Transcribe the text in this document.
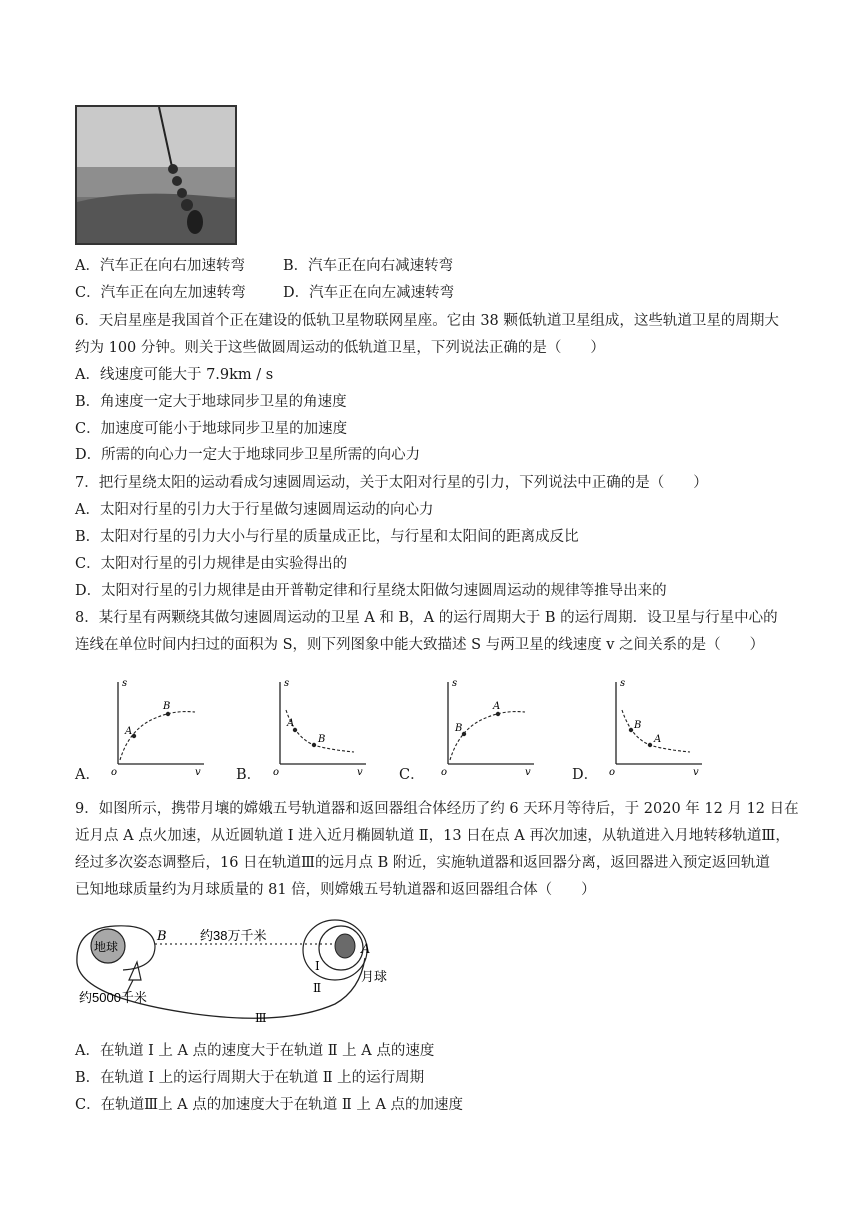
A．汽车正在向右加速转弯	B．汽车正在向右减速转弯
C．汽车正在向左加速转弯	D．汽车正在向左减速转弯
6．天启星座是我国首个正在建设的低轨卫星物联网星座。它由 38 颗低轨道卫星组成，这些轨道卫星的周期大
约为 100 分钟。则关于这些做圆周运动的低轨道卫星，下列说法正确的是（　　）
A．线速度可能大于 7.9km / s
B．角速度一定大于地球同步卫星的角速度
C．加速度可能小于地球同步卫星的加速度
D．所需的向心力一定大于地球同步卫星所需的向心力
7．把行星绕太阳的运动看成匀速圆周运动，关于太阳对行星的引力，下列说法中正确的是（　　）
A．太阳对行星的引力大于行星做匀速圆周运动的向心力
B．太阳对行星的引力大小与行星的质量成正比，与行星和太阳间的距离成反比
C．太阳对行星的引力规律是由实验得出的
D．太阳对行星的引力规律是由开普勒定律和行星绕太阳做匀速圆周运动的规律等推导出来的
8．某行星有两颗绕其做匀速圆周运动的卫星 A 和 B，A 的运行周期大于 B 的运行周期．设卫星与行星中心的
连线在单位时间内扫过的面积为 S，则下列图象中能大致描述 S 与两卫星的线速度 v 之间关系的是（　　）
s
v
o
A
B
A．
s
v
o
A
B
B．
s
v
o
B
A
C．
s
v
o
B
A
D．
9．如图所示，携带月壤的嫦娥五号轨道器和返回器组合体经历了约 6 天环月等待后，于 2020 年 12 月 12 日在
近月点 A 点火加速，从近圆轨道 Ⅰ 进入近月椭圆轨道 Ⅱ，13 日在点 A 再次加速，从轨道进入月地转移轨道Ⅲ，
经过多次姿态调整后，16 日在轨道Ⅲ的远月点 B 附近，实施轨道器和返回器分离，返回器进入预定返回轨道
已知地球质量约为月球质量的 81 倍，则嫦娥五号轨道器和返回器组合体（　　）
地球
B	约38万千米
约5000千米
A
月球
Ⅰ
Ⅱ
Ⅲ
A．在轨道 Ⅰ 上 A 点的速度大于在轨道 Ⅱ 上 A 点的速度
B．在轨道 Ⅰ 上的运行周期大于在轨道 Ⅱ 上的运行周期
C．在轨道Ⅲ上 A 点的加速度大于在轨道 Ⅱ 上 A 点的加速度
